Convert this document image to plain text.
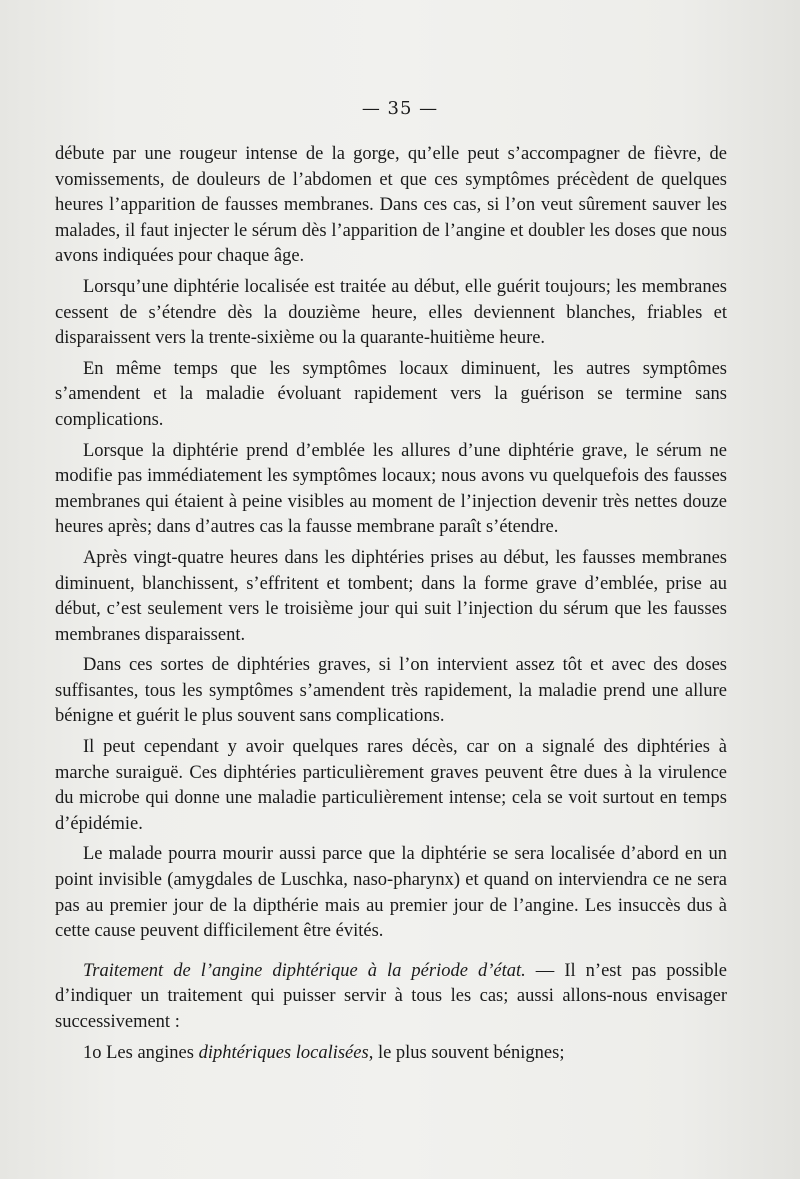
— 35 —

débute par une rougeur intense de la gorge, qu’elle peut s’accompagner de fièvre, de vomissements, de douleurs de l’abdomen et que ces symptômes précèdent de quelques heures l’apparition de fausses membranes. Dans ces cas, si l’on veut sûrement sauver les malades, il faut injecter le sérum dès l’apparition de l’angine et doubler les doses que nous avons indiquées pour chaque âge.

Lorsqu’une diphtérie localisée est traitée au début, elle guérit toujours; les membranes cessent de s’étendre dès la douzième heure, elles deviennent blanches, friables et disparaissent vers la trente-sixième ou la quarante-huitième heure.

En même temps que les symptômes locaux diminuent, les autres symptômes s’amendent et la maladie évoluant rapidement vers la guérison se termine sans complications.

Lorsque la diphtérie prend d’emblée les allures d’une diphtérie grave, le sérum ne modifie pas immédiatement les symptômes locaux; nous avons vu quelquefois des fausses membranes qui étaient à peine visibles au moment de l’injection devenir très nettes douze heures après; dans d’autres cas la fausse membrane paraît s’étendre.

Après vingt-quatre heures dans les diphtéries prises au début, les fausses membranes diminuent, blanchissent, s’effritent et tombent; dans la forme grave d’emblée, prise au début, c’est seulement vers le troisième jour qui suit l’injection du sérum que les fausses membranes disparaissent.

Dans ces sortes de diphtéries graves, si l’on intervient assez tôt et avec des doses suffisantes, tous les symptômes s’amendent très rapidement, la maladie prend une allure bénigne et guérit le plus souvent sans complications.

Il peut cependant y avoir quelques rares décès, car on a signalé des diphtéries à marche suraiguë. Ces diphtéries particulièrement graves peuvent être dues à la virulence du microbe qui donne une maladie particulièrement intense; cela se voit surtout en temps d’épidémie.

Le malade pourra mourir aussi parce que la diphtérie se sera localisée d’abord en un point invisible (amygdales de Luschka, naso-pharynx) et quand on interviendra ce ne sera pas au premier jour de la dipthérie mais au premier jour de l’angine. Les insuccès dus à cette cause peuvent difficilement être évités.

Traitement de l’angine diphtérique à la période d’état. — Il n’est pas possible d’indiquer un traitement qui puisser servir à tous les cas; aussi allons-nous envisager successivement :

1o Les angines diphtériques localisées, le plus souvent bénignes;
